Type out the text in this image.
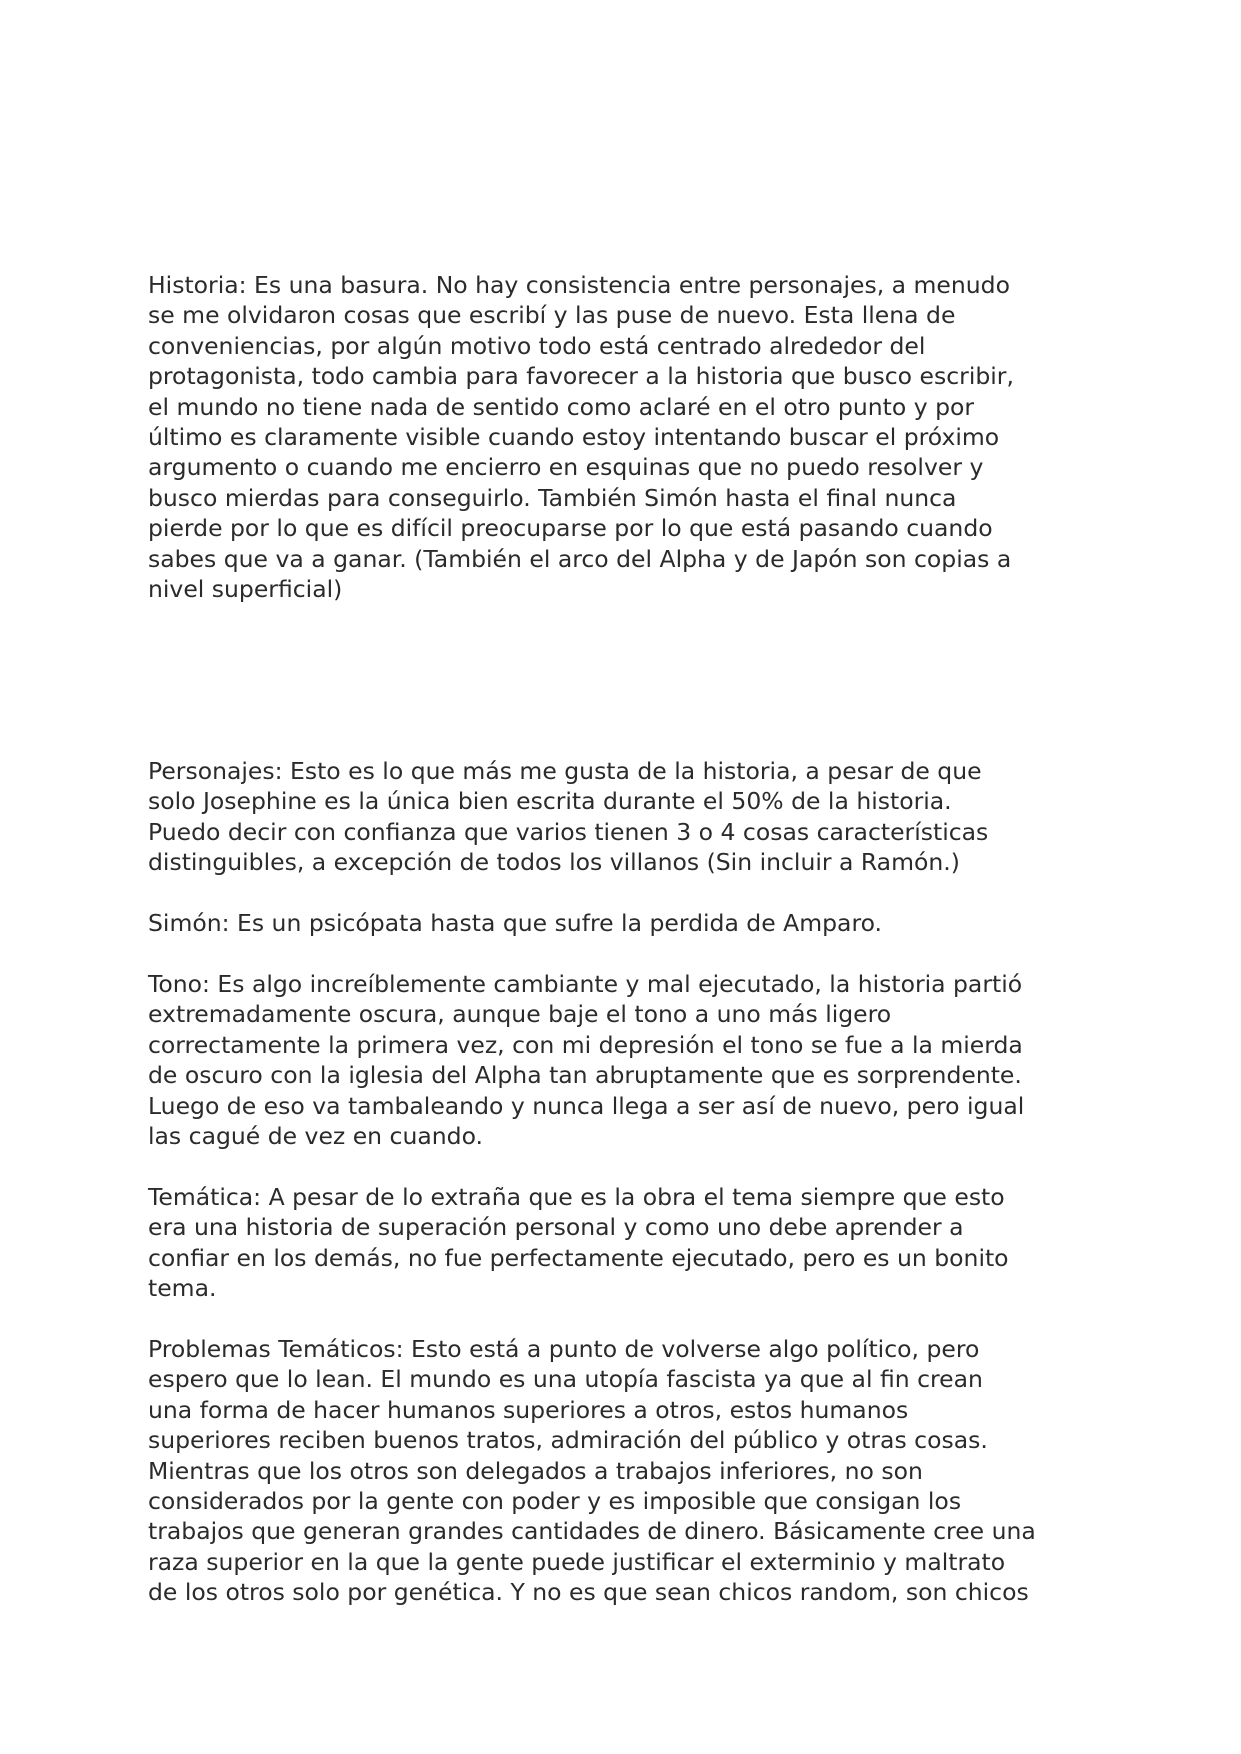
Historia: Es una basura. No hay consistencia entre personajes, a menudo
se me olvidaron cosas que escribí y las puse de nuevo. Esta llena de
conveniencias, por algún motivo todo está centrado alrededor del
protagonista, todo cambia para favorecer a la historia que busco escribir,
el mundo no tiene nada de sentido como aclaré en el otro punto y por
último es claramente visible cuando estoy intentando buscar el próximo
argumento o cuando me encierro en esquinas que no puedo resolver y
busco mierdas para conseguirlo. También Simón hasta el final nunca
pierde por lo que es difícil preocuparse por lo que está pasando cuando
sabes que va a ganar. (También el arco del Alpha y de Japón son copias a
nivel superficial)

Personajes: Esto es lo que más me gusta de la historia, a pesar de que
solo Josephine es la única bien escrita durante el 50% de la historia.
Puedo decir con confianza que varios tienen 3 o 4 cosas características
distinguibles, a excepción de todos los villanos (Sin incluir a Ramón.)

Simón: Es un psicópata hasta que sufre la perdida de Amparo.

Tono: Es algo increíblemente cambiante y mal ejecutado, la historia partió
extremadamente oscura, aunque baje el tono a uno más ligero
correctamente la primera vez, con mi depresión el tono se fue a la mierda
de oscuro con la iglesia del Alpha tan abruptamente que es sorprendente.
Luego de eso va tambaleando y nunca llega a ser así de nuevo, pero igual
las cagué de vez en cuando.

Temática: A pesar de lo extraña que es la obra el tema siempre que esto
era una historia de superación personal y como uno debe aprender a
confiar en los demás, no fue perfectamente ejecutado, pero es un bonito
tema.

Problemas Temáticos: Esto está a punto de volverse algo político, pero
espero que lo lean. El mundo es una utopía fascista ya que al fin crean
una forma de hacer humanos superiores a otros, estos humanos
superiores reciben buenos tratos, admiración del público y otras cosas.
Mientras que los otros son delegados a trabajos inferiores, no son
considerados por la gente con poder y es imposible que consigan los
trabajos que generan grandes cantidades de dinero. Básicamente cree una
raza superior en la que la gente puede justificar el exterminio y maltrato
de los otros solo por genética. Y no es que sean chicos random, son chicos
